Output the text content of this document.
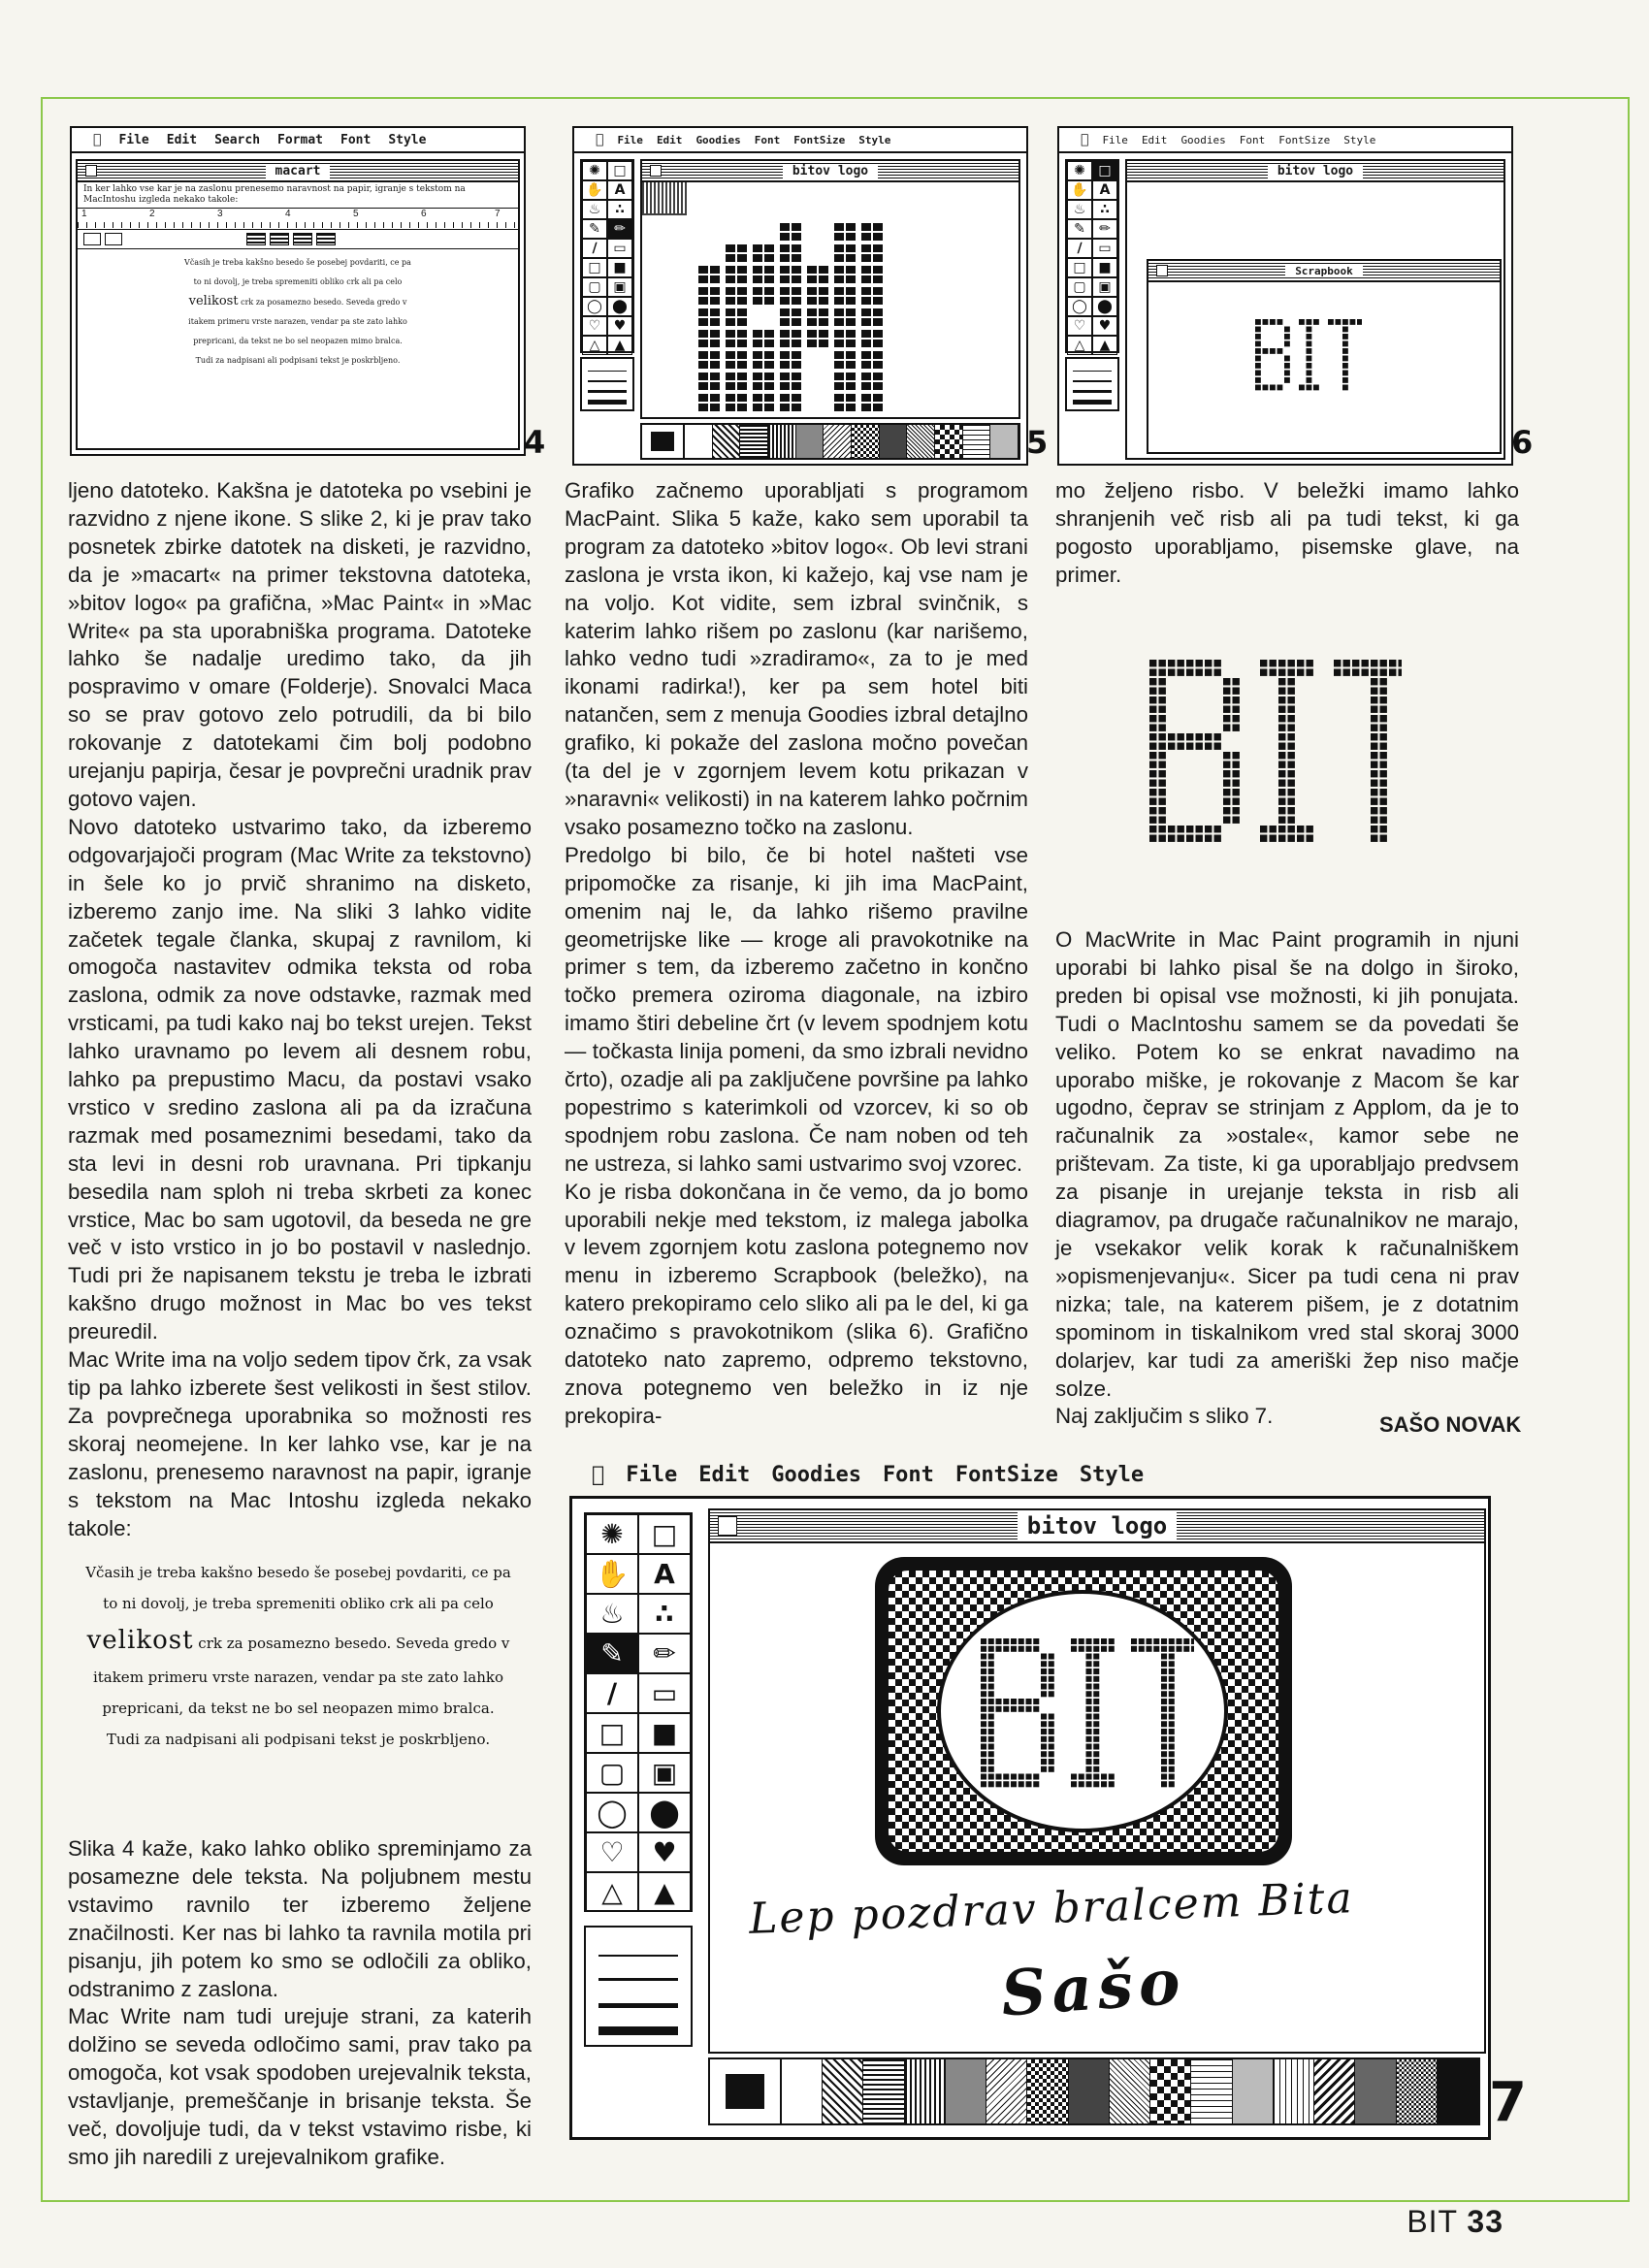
File Edit Search Format Font Style
macart
In ker lahko vse kar je na zaslonu prenesemo naravnost na papir, igranje s tekstom na
MacIntoshu izgleda nekako takole:
1	2	3	4	5	6	7
Včasih je treba kakšno besedo še posebej povdariti, ce pa
to ni dovolj, je treba spremeniti obliko crk ali pa celo
velikost crk za posamezno besedo. Seveda gredo v
itakem primeru vrste narazen, vendar pa ste zato lahko
prepricani, da tekst ne bo sel neopazen mimo bralca.
Tudi za nadpisani ali podpisani tekst je poskrbljeno.
4
File Edit Goodies Font FontSize Style
✺ □
✋ A
♨	∴
✎	✏
∕	▭
□ ■
▢ ▣
◯ ⬤
♡ ♥
△	▲
bitov logo
5
File Edit Goodies Font FontSize Style
✺ □
✋ A
♨	∴
✎	✏
∕	▭
□ ■
▢ ▣
◯ ⬤
♡ ♥
△	▲
bitov logo
Scrapbook
6

ljeno datoteko. Kakšna je datoteka po vsebini je razvidno z njene ikone. S slike 2, ki je prav tako posnetek zbirke datotek na disketi, je razvidno, da je »macart« na primer tekstovna datoteka, »bitov logo« pa grafična, »Mac Paint« in »Mac Write« pa sta uporabniška programa. Datoteke lahko še nadalje uredimo tako, da jih pospravimo v omare (Folderje). Snovalci Maca so se prav gotovo zelo potrudili, da bi bilo rokovanje z datotekami čim bolj podobno urejanju papirja, česar je povprečni uradnik prav gotovo vajen.

Novo datoteko ustvarimo tako, da izberemo odgovarjajoči program (Mac Write za tekstovno) in šele ko jo prvič shranimo na disketo, izberemo zanjo ime. Na sliki 3 lahko vidite začetek tegale članka, skupaj z ravnilom, ki omogoča nastavitev odmika teksta od roba zaslona, odmik za nove odstavke, razmak med vrsticami, pa tudi kako naj bo tekst urejen. Tekst lahko uravnamo po levem ali desnem robu, lahko pa prepustimo Macu, da postavi vsako vrstico v sredino zaslona ali pa da izračuna razmak med posameznimi besedami, tako da sta levi in desni rob uravnana. Pri tipkanju besedila nam sploh ni treba skrbeti za konec vrstice, Mac bo sam ugotovil, da beseda ne gre več v isto vrstico in jo bo postavil v naslednjo. Tudi pri že napisanem tekstu je treba le izbrati kakšno drugo možnost in Mac bo ves tekst preuredil.

Mac Write ima na voljo sedem tipov črk, za vsak tip pa lahko izberete šest velikosti in šest stilov. Za povprečnega uporabnika so možnosti res skoraj neomejene. In ker lahko vse, kar je na zaslonu, prenesemo naravnost na papir, igranje s tekstom na Mac Intoshu izgleda nekako takole:

Včasih je treba kakšno besedo še posebej povdariti, ce pa
to ni dovolj, je treba spremeniti obliko crk ali pa celo
velikost crk za posamezno besedo. Seveda gredo v
itakem primeru vrste narazen, vendar pa ste zato lahko
prepricani, da tekst ne bo sel neopazen mimo bralca.
Tudi za nadpisani ali podpisani tekst je poskrbljeno.

Slika 4 kaže, kako lahko obliko spreminjamo za posamezne dele teksta. Na poljubnem mestu vstavimo ravnilo ter izberemo željene značilnosti. Ker nas bi lahko ta ravnila motila pri pisanju, jih potem ko smo se odločili za obliko, odstranimo z zaslona.

Mac Write nam tudi urejuje strani, za katerih dolžino se seveda odločimo sami, prav tako pa omogoča, kot vsak spodoben urejevalnik teksta, vstavljanje, premeščanje in brisanje teksta. Še več, dovoljuje tudi, da v tekst vstavimo risbe, ki smo jih naredili z urejevalnikom grafike.

Grafiko začnemo uporabljati s programom MacPaint. Slika 5 kaže, kako sem uporabil ta program za datoteko »bitov logo«. Ob levi strani zaslona je vrsta ikon, ki kažejo, kaj vse nam je na voljo. Kot vidite, sem izbral svinčnik, s katerim lahko rišem po zaslonu (kar narišemo, lahko vedno tudi »zradiramo«, za to je med ikonami radirka!), ker pa sem hotel biti natančen, sem z menuja Goodies izbral detajlno grafiko, ki pokaže del zaslona močno povečan (ta del je v zgornjem levem kotu prikazan v »naravni« velikosti) in na katerem lahko počrnim vsako posamezno točko na zaslonu.

Predolgo bi bilo, če bi hotel našteti vse pripomočke za risanje, ki jih ima MacPaint, omenim naj le, da lahko rišemo pravilne geometrijske like — kroge ali pravokotnike na primer s tem, da izberemo začetno in končno točko premera oziroma diagonale, na izbiro imamo štiri debeline črt (v levem spodnjem kotu — točkasta linija pomeni, da smo izbrali nevidno črto), ozadje ali pa zaključene površine pa lahko popestrimo s katerimkoli od vzorcev, ki so ob spodnjem robu zaslona. Če nam noben od teh ne ustreza, si lahko sami ustvarimo svoj vzorec.

Ko je risba dokončana in če vemo, da jo bomo uporabili nekje med tekstom, iz malega jabolka v levem zgornjem kotu zaslona potegnemo nov menu in izberemo Scrapbook (beležko), na katero prekopiramo celo sliko ali pa le del, ki ga označimo s pravokotnikom (slika 6). Grafično datoteko nato zapremo, odpremo tekstovno, znova potegnemo ven beležko in iz nje prekopira-

mo željeno risbo. V beležki imamo lahko shranjenih več risb ali pa tudi tekst, ki ga pogosto uporabljamo, pisemske glave, na primer.

O MacWrite in Mac Paint programih in njuni uporabi bi lahko pisal še na dolgo in široko, preden bi opisal vse možnosti, ki jih ponujata. Tudi o MacIntoshu samem se da povedati še veliko. Potem ko se enkrat navadimo na uporabo miške, je rokovanje z Macom še kar ugodno, čeprav se strinjam z Applom, da je to računalnik za »ostale«, kamor sebe ne prištevam. Za tiste, ki ga uporabljajo predvsem za pisanje in urejanje teksta in risb ali diagramov, pa drugače računalnikov ne marajo, je vsekakor velik korak k računalniškem »opismenjevanju«. Sicer pa tudi cena ni prav nizka; tale, na katerem pišem, je z dotatnim spominom in tiskalnikom vred stal skoraj 3000 dolarjev, kar tudi za ameriški žep niso mačje solze.

Naj zaključim s sliko 7.	SAŠO NOVAK
File Edit Goodies Font FontSize Style
✺	□
✋ A
♨	∴
✎	✏
∕	▭
□ ■
▢ ▣
◯ ⬤
♡	♥
△	▲
bitov logo
Lep pozdrav bralcem Bita
Sašo
7
BIT 33
